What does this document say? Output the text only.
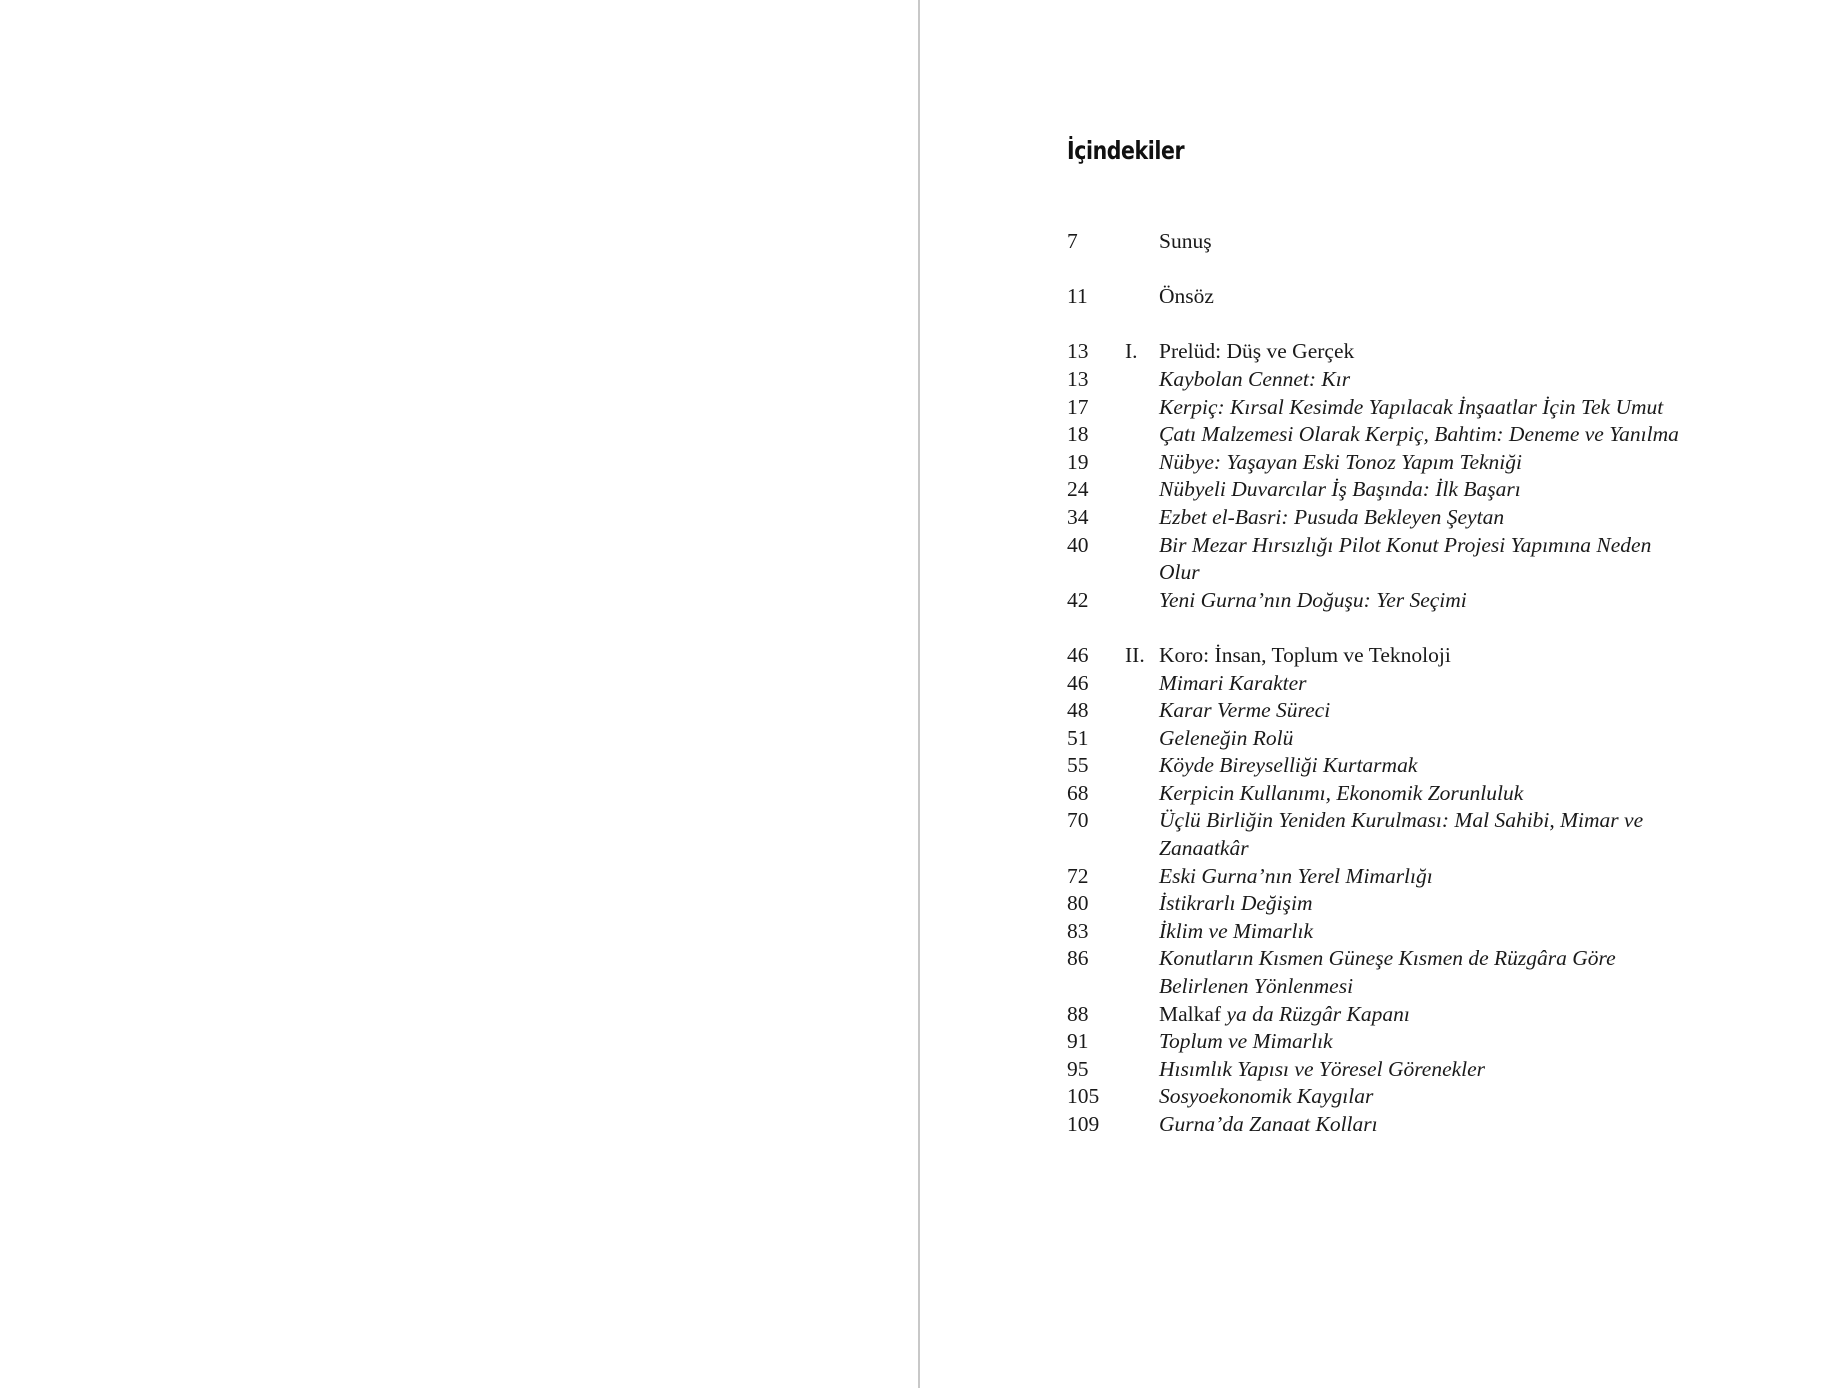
İçindekiler
7	Sunuş
11	Önsöz
13	I. Prelüd: Düş ve Gerçek
13	Kaybolan Cennet: Kır
17	Kerpiç: Kırsal Kesimde Yapılacak İnşaatlar İçin Tek Umut
18	Çatı Malzemesi Olarak Kerpiç, Bahtim: Deneme ve Yanılma
19	Nübye: Yaşayan Eski Tonoz Yapım Tekniği
24	Nübyeli Duvarcılar İş Başında: İlk Başarı
34	Ezbet el-Basri: Pusuda Bekleyen Şeytan
40	Bir Mezar Hırsızlığı Pilot Konut Projesi Yapımına Neden Olur
42	Yeni Gurna’nın Doğuşu: Yer Seçimi
46	II. Koro: İnsan, Toplum ve Teknoloji
46	Mimari Karakter
48	Karar Verme Süreci
51	Geleneğin Rolü
55	Köyde Bireyselliği Kurtarmak
68	Kerpicin Kullanımı, Ekonomik Zorunluluk
70	Üçlü Birliğin Yeniden Kurulması: Mal Sahibi, Mimar ve Zanaatkâr
72	Eski Gurna’nın Yerel Mimarlığı
80	İstikrarlı Değişim
83	İklim ve Mimarlık
86	Konutların Kısmen Güneşe Kısmen de Rüzgâra Göre Belirlenen Yönlenmesi
88	Malkaf ya da Rüzgâr Kapanı
91	Toplum ve Mimarlık
95	Hısımlık Yapısı ve Yöresel Görenekler
105	Sosyoekonomik Kaygılar
109	Gurna’da Zanaat Kolları
